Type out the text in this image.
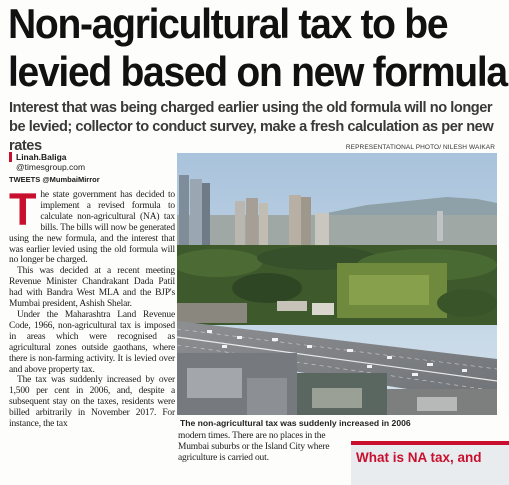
Non-agricultural tax to be
levied based on new formula

Interest that was being charged earlier using the old formula will no longer be levied; collector to conduct survey, make a fresh calculation as per new rates	REPRESENTATIONAL PHOTO/ NILESH WAIKAR
Linah.Baliga
@timesgroup.com
TWEETS @MumbaiMirror

The state government has decided to implement a revised formula to calculate non-agricultural (NA) tax bills. The bills will now be generated using the new formula, and the interest that was earlier levied using the old formula will no longer be charged.

This was decided at a recent meeting Revenue Minister Chandrakant Dada Patil had with Bandra West MLA and the BJP's Mumbai president, Ashish Shelar.

Under the Maharashtra Land Revenue Code, 1966, non-agricultural tax is imposed in areas which were recognised as agricultural zones outside gaothans, where there is non-farming activity. It is levied over and above property tax.

The tax was suddenly increased by over 1,500 per cent in 2006, and, despite a subsequent stay on the taxes, residents were billed arbitrarily in November 2017. For instance, the tax	The non-agricultural tax was suddenly increased in 2006

modern times. There are no places in the Mumbai suburbs or the Island City where agriculture is carried out.	What is NA tax, and
